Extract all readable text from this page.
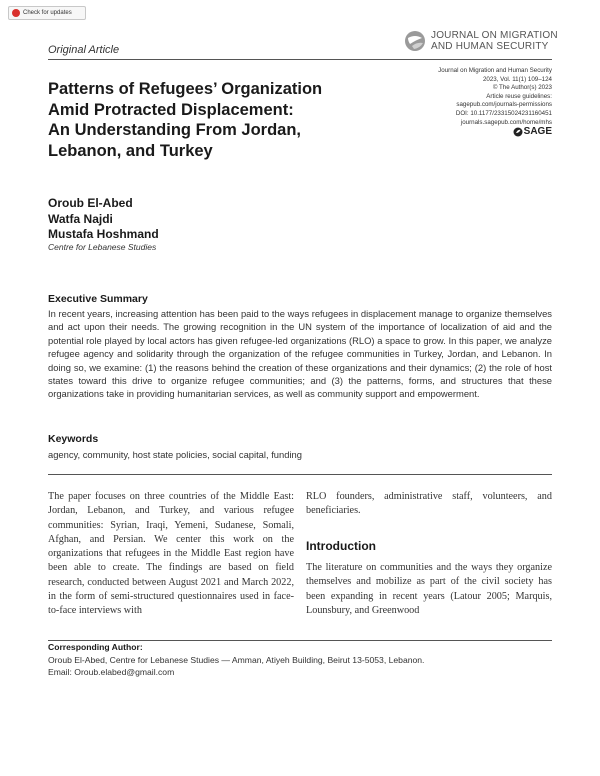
Check for updates
Original Article
JOURNAL ON MIGRATION
AND HUMAN SECURITY
Journal on Migration and Human Security
2023, Vol. 11(1) 109–124
© The Author(s) 2023
Article reuse guidelines:
sagepub.com/journals-permissions
DOI: 10.1177/23315024231160451
journals.sagepub.com/home/mhs
SAGE
Patterns of Refugees’ Organization
Amid Protracted Displacement:
An Understanding From Jordan,
Lebanon, and Turkey
Oroub El-Abed
Watfa Najdi
Mustafa Hoshmand
Centre for Lebanese Studies
Executive Summary
In recent years, increasing attention has been paid to the ways refugees in displacement manage to organize themselves and act upon their needs. The growing recognition in the UN system of the importance of localization of aid and the potential role played by local actors has given refugee-led organizations (RLO) a space to grow. In this paper, we analyze refugee agency and solidarity through the organization of the refugee communities in Turkey, Jordan, and Lebanon. In doing so, we examine: (1) the reasons behind the creation of these organizations and their dynamics; (2) the role of host states toward this drive to organize refugee communities; and (3) the patterns, forms, and structures that these organizations take in providing humanitarian services, as well as community support and empowerment.
Keywords
agency, community, host state policies, social capital, funding
The paper focuses on three countries of the Middle East: Jordan, Lebanon, and Turkey, and various refugee communities: Syrian, Iraqi, Yemeni, Sudanese, Somali, Afghan, and Persian. We center this work on the organizations that refugees in the Middle East region have been able to create. The findings are based on field research, conducted between August 2021 and March 2022, in the form of semi-structured questionnaires used in face-to-face interviews with
RLO founders, administrative staff, volunteers, and beneficiaries.
Introduction
The literature on communities and the ways they organize themselves and mobilize as part of the civil society has been expanding in recent years (Latour 2005; Marquis, Lounsbury, and Greenwood
Corresponding Author:
Oroub El-Abed, Centre for Lebanese Studies — Amman, Atiyeh Building, Beirut 13-5053, Lebanon.
Email: Oroub.elabed@gmail.com
